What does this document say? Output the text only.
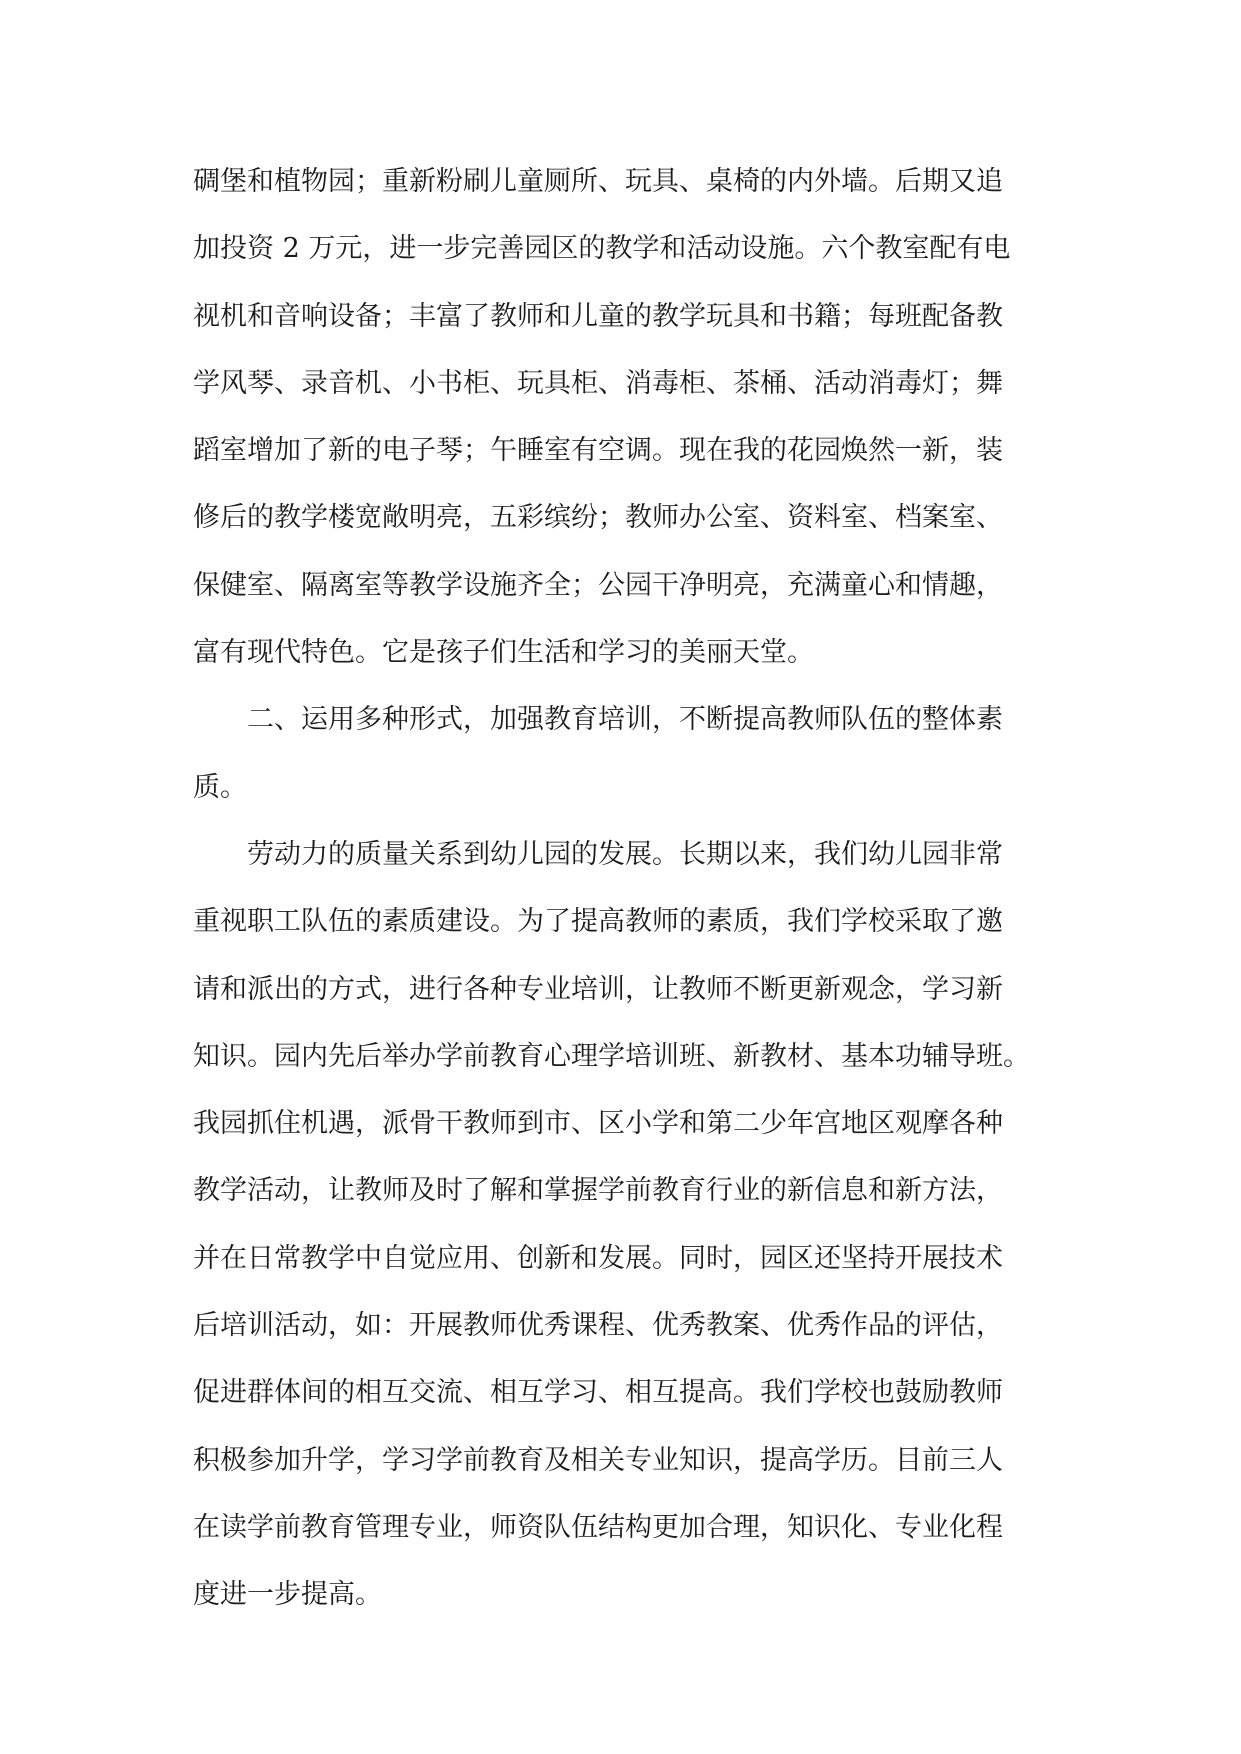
碉堡和植物园；重新粉刷儿童厕所、玩具、桌椅的内外墙。后期又追
加投资 2 万元，进一步完善园区的教学和活动设施。六个教室配有电
视机和音响设备；丰富了教师和儿童的教学玩具和书籍；每班配备教
学风琴、录音机、小书柜、玩具柜、消毒柜、茶桶、活动消毒灯；舞
蹈室增加了新的电子琴；午睡室有空调。现在我的花园焕然一新，装
修后的教学楼宽敞明亮，五彩缤纷；教师办公室、资料室、档案室、
保健室、隔离室等教学设施齐全；公园干净明亮，充满童心和情趣，
富有现代特色。它是孩子们生活和学习的美丽天堂。
二、运用多种形式，加强教育培训，不断提高教师队伍的整体素
质。
劳动力的质量关系到幼儿园的发展。长期以来，我们幼儿园非常
重视职工队伍的素质建设。为了提高教师的素质，我们学校采取了邀
请和派出的方式，进行各种专业培训，让教师不断更新观念，学习新
知识。园内先后举办学前教育心理学培训班、新教材、基本功辅导班。
我园抓住机遇，派骨干教师到市、区小学和第二少年宫地区观摩各种
教学活动，让教师及时了解和掌握学前教育行业的新信息和新方法，
并在日常教学中自觉应用、创新和发展。同时，园区还坚持开展技术
后培训活动，如：开展教师优秀课程、优秀教案、优秀作品的评估，
促进群体间的相互交流、相互学习、相互提高。我们学校也鼓励教师
积极参加升学，学习学前教育及相关专业知识，提高学历。目前三人
在读学前教育管理专业，师资队伍结构更加合理，知识化、专业化程
度进一步提高。
